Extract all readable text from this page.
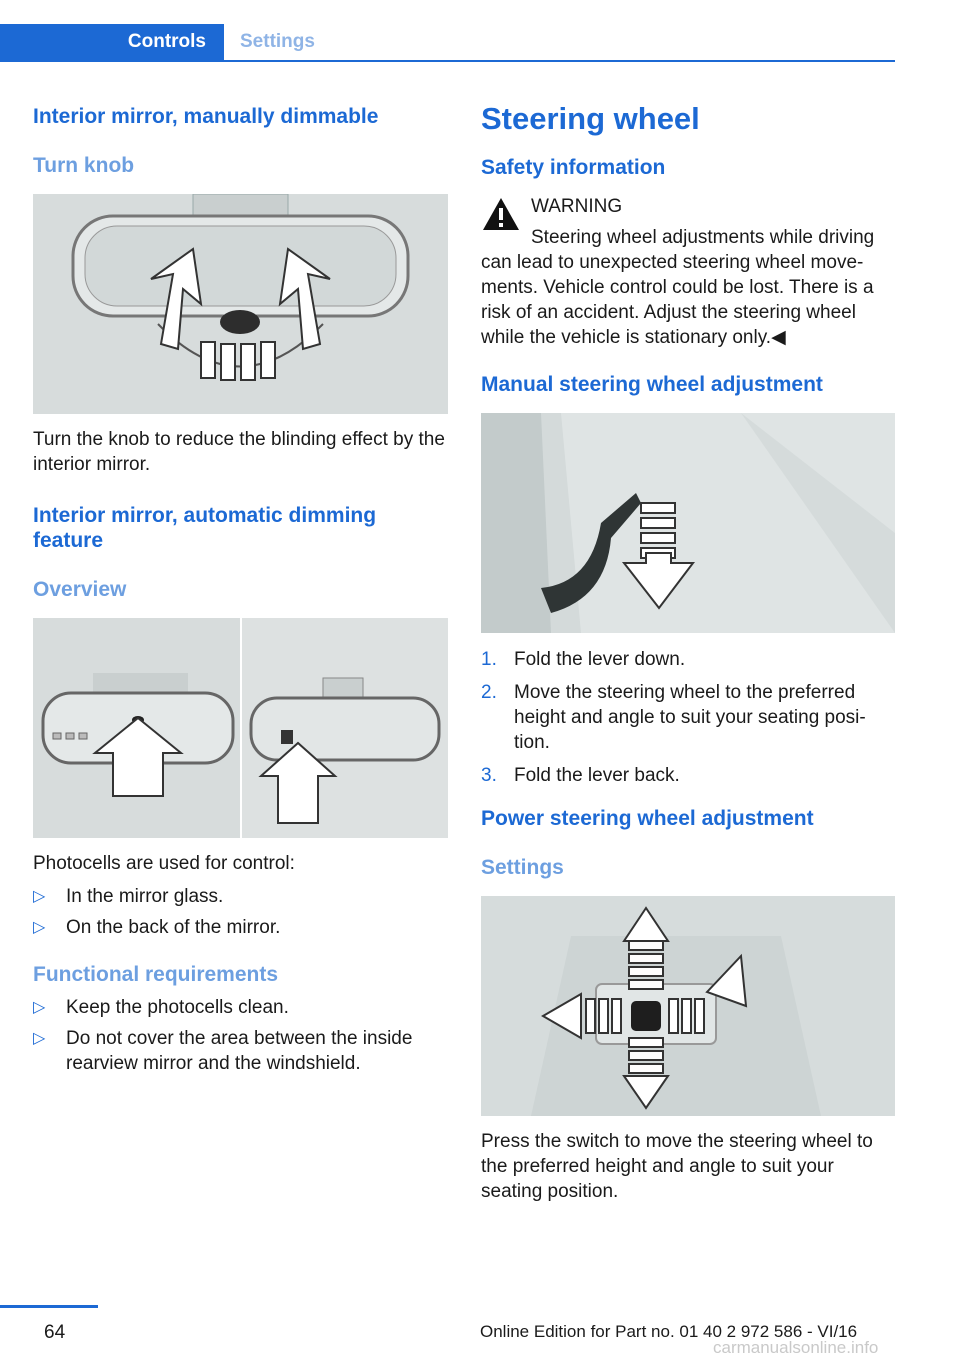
Controls	Settings
Interior mirror, manually dimmable
Turn knob

Turn the knob to reduce the blinding effect by the interior mirror.

Interior mirror, automatic dimming feature
Overview

Photocells are used for control:

▷ In the mirror glass.
▷ On the back of the mirror.
Functional requirements
▷ Keep the photocells clean.
▷ Do not cover the area between the inside rearview mirror and the windshield.
Steering wheel
Safety information
WARNING
Steering wheel adjustments while driving can lead to unexpected steering wheel move‐ ments. Vehicle control could be lost. There is a risk of an accident. Adjust the steering wheel while the vehicle is stationary only.◀
Manual steering wheel adjustment
1. Fold the lever down.
2. Move the steering wheel to the preferred height and angle to suit your seating posi‐ tion.
3. Fold the lever back.
Power steering wheel adjustment
Settings

Press the switch to move the steering wheel to the preferred height and angle to suit your seating position.

64	Online Edition for Part no. 01 40 2 972 586 - VI/16
carmanualsonline.info
